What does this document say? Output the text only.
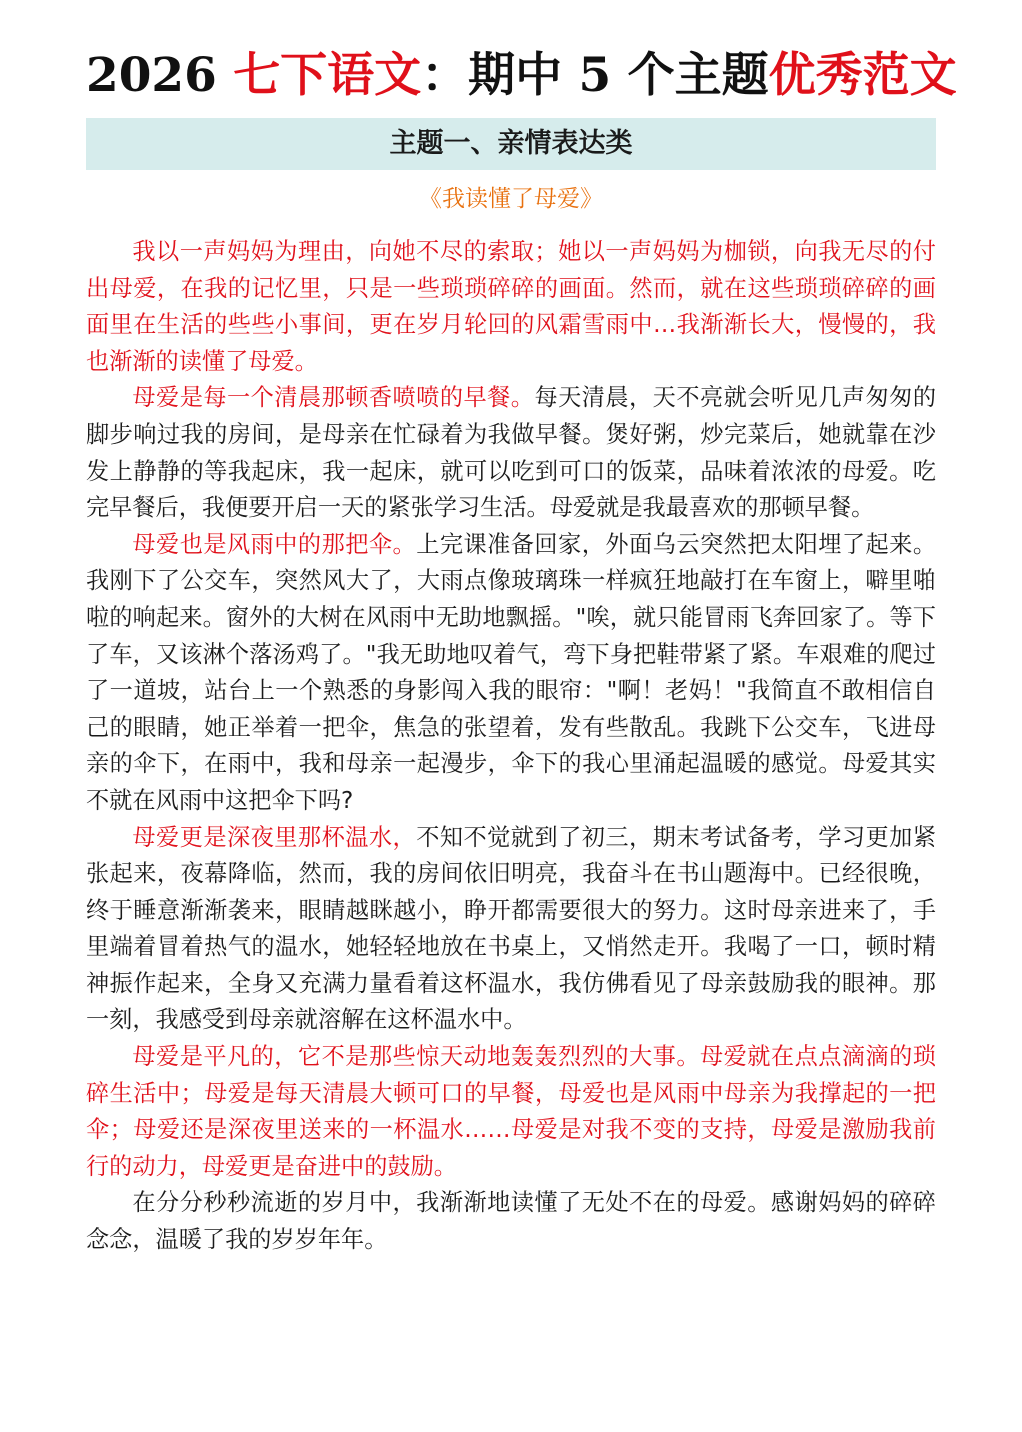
2026 七下语文：期中 5 个主题优秀范文
主题一、亲情表达类
《我读懂了母爱》

我以一声妈妈为理由，向她不尽的索取；她以一声妈妈为枷锁，向我无尽的付出母爱，在我的记忆里，只是一些琐琐碎碎的画面。然而，就在这些琐琐碎碎的画面里在生活的些些小事间，更在岁月轮回的风霜雪雨中…我渐渐长大，慢慢的，我也渐渐的读懂了母爱。

母爱是每一个清晨那顿香喷喷的早餐。每天清晨，天不亮就会听见几声匆匆的脚步响过我的房间，是母亲在忙碌着为我做早餐。煲好粥，炒完菜后，她就靠在沙发上静静的等我起床，我一起床，就可以吃到可口的饭菜，品味着浓浓的母爱。吃完早餐后，我便要开启一天的紧张学习生活。母爱就是我最喜欢的那顿早餐。

母爱也是风雨中的那把伞。上完课准备回家，外面乌云突然把太阳埋了起来。我刚下了公交车，突然风大了，大雨点像玻璃珠一样疯狂地敲打在车窗上，噼里啪啦的响起来。窗外的大树在风雨中无助地飘摇。"唉，就只能冒雨飞奔回家了。等下了车，又该淋个落汤鸡了。"我无助地叹着气，弯下身把鞋带紧了紧。车艰难的爬过了一道坡，站台上一个熟悉的身影闯入我的眼帘："啊！老妈！"我简直不敢相信自己的眼睛，她正举着一把伞，焦急的张望着，发有些散乱。我跳下公交车，飞进母亲的伞下，在雨中，我和母亲一起漫步，伞下的我心里涌起温暖的感觉。母爱其实不就在风雨中这把伞下吗?

母爱更是深夜里那杯温水，不知不觉就到了初三，期末考试备考，学习更加紧张起来，夜幕降临，然而，我的房间依旧明亮，我奋斗在书山题海中。已经很晚，终于睡意渐渐袭来，眼睛越眯越小，睁开都需要很大的努力。这时母亲进来了，手里端着冒着热气的温水，她轻轻地放在书桌上，又悄然走开。我喝了一口，顿时精神振作起来，全身又充满力量看着这杯温水，我仿佛看见了母亲鼓励我的眼神。那一刻，我感受到母亲就溶解在这杯温水中。

母爱是平凡的，它不是那些惊天动地轰轰烈烈的大事。母爱就在点点滴滴的琐碎生活中；母爱是每天清晨大顿可口的早餐，母爱也是风雨中母亲为我撑起的一把伞；母爱还是深夜里送来的一杯温水……母爱是对我不变的支持，母爱是激励我前行的动力，母爱更是奋进中的鼓励。

在分分秒秒流逝的岁月中，我渐渐地读懂了无处不在的母爱。感谢妈妈的碎碎念念，温暖了我的岁岁年年。
